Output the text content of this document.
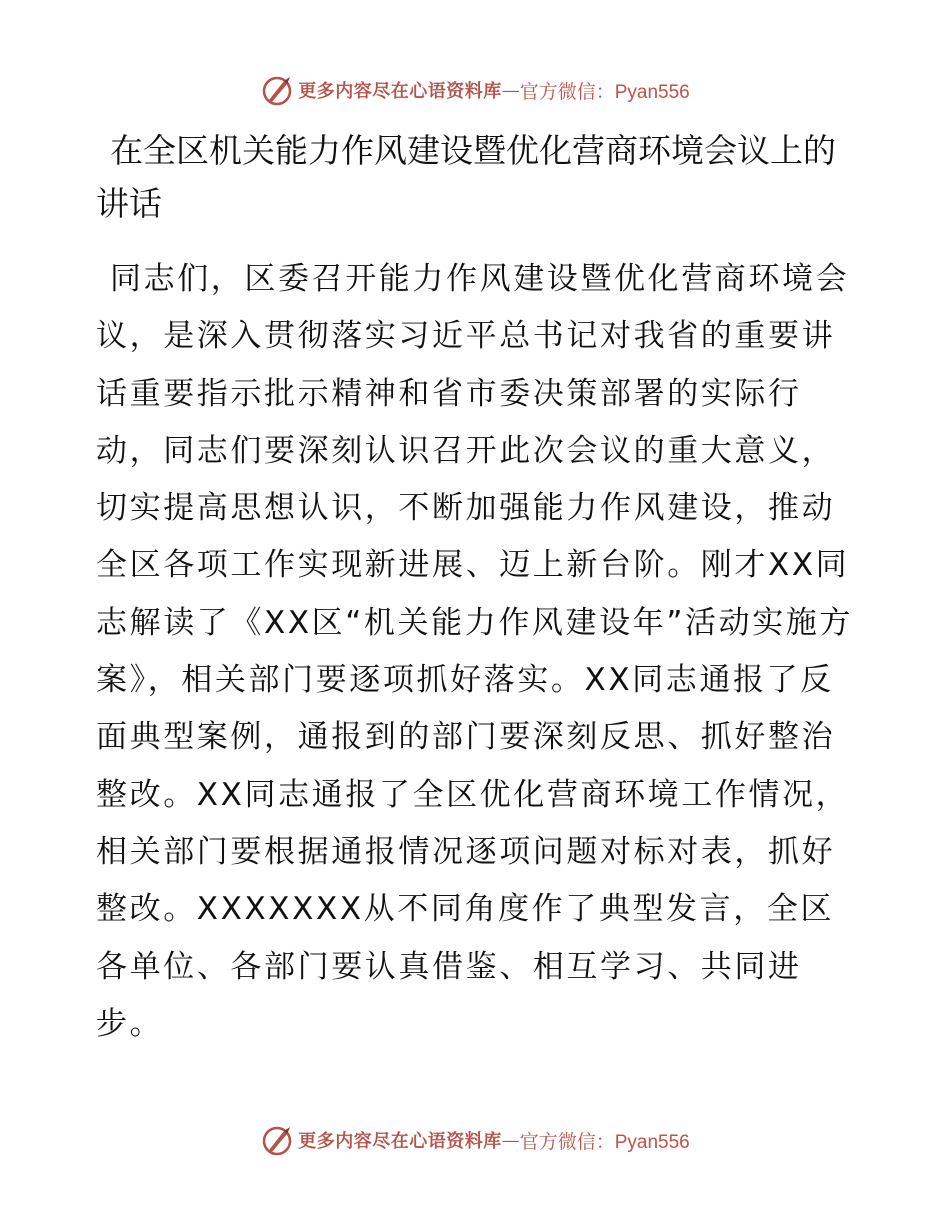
更多内容尽在心语资料库 — 官方微信：Pyan556
在全区机关能力作风建设暨优化营商环境会议上的讲话

同志们，区委召开能力作风建设暨优化营商环境会议，是深入贯彻落实习近平总书记对我省的重要讲话重要指示批示精神和省市委决策部署的实际行动，同志们要深刻认识召开此次会议的重大意义，切实提高思想认识，不断加强能力作风建设，推动全区各项工作实现新进展、迈上新台阶。刚才XX同志解读了《XX区“机关能力作风建设年”活动实施方案》，相关部门要逐项抓好落实。XX同志通报了反面典型案例，通报到的部门要深刻反思、抓好整治整改。XX同志通报了全区优化营商环境工作情况，相关部门要根据通报情况逐项问题对标对表，抓好整改。XXXXXXX从不同角度作了典型发言，全区各单位、各部门要认真借鉴、相互学习、共同进步。

更多内容尽在心语资料库 — 官方微信：Pyan556
